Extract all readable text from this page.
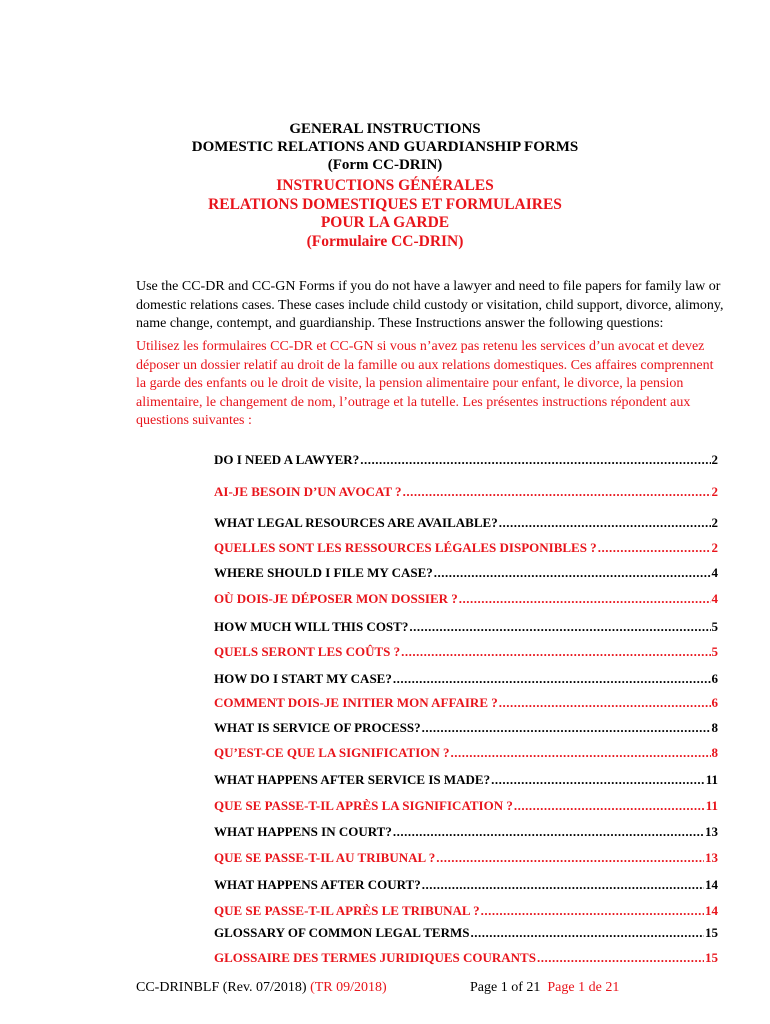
GENERAL INSTRUCTIONS
DOMESTIC RELATIONS AND GUARDIANSHIP FORMS
(Form CC-DRIN)
INSTRUCTIONS GÉNÉRALES
RELATIONS DOMESTIQUES ET FORMULAIRES
POUR LA GARDE
(Formulaire CC-DRIN)

Use the CC-DR and CC-GN Forms if you do not have a lawyer and need to file papers for family law or domestic relations cases. These cases include child custody or visitation, child support, divorce, alimony, name change, contempt, and guardianship. These Instructions answer the following questions:

Utilisez les formulaires CC-DR et CC-GN si vous n’avez pas retenu les services d’un avocat et devez déposer un dossier relatif au droit de la famille ou aux relations domestiques. Ces affaires comprennent la garde des enfants ou le droit de visite, la pension alimentaire pour enfant, le divorce, la pension alimentaire, le changement de nom, l’outrage et la tutelle. Les présentes instructions répondent aux questions suivantes :

DO I NEED A LAWYER? .....	2
AI-JE BESOIN D’UN AVOCAT ? .....	2
WHAT LEGAL RESOURCES ARE AVAILABLE? .....	2
QUELLES SONT LES RESSOURCES LÉGALES DISPONIBLES ? .....	2
WHERE SHOULD I FILE MY CASE? .....	4
OÙ DOIS-JE DÉPOSER MON DOSSIER ? .....	4
HOW MUCH WILL THIS COST? .....	5
QUELS SERONT LES COÛTS ? .....	5
HOW DO I START MY CASE? .....	6
COMMENT DOIS-JE INITIER MON AFFAIRE ? .....	6
WHAT IS SERVICE OF PROCESS? .....	8
QU’EST-CE QUE LA SIGNIFICATION ? .....	8
WHAT HAPPENS AFTER SERVICE IS MADE? .....	11
QUE SE PASSE-T-IL APRÈS LA SIGNIFICATION ? .....	11
WHAT HAPPENS IN COURT? .....	13
QUE SE PASSE-T-IL AU TRIBUNAL ? .....	13
WHAT HAPPENS AFTER COURT? .....	14
QUE SE PASSE-T-IL APRÈS LE TRIBUNAL ? .....	14
GLOSSARY OF COMMON LEGAL TERMS .....	15
GLOSSAIRE DES TERMES JURIDIQUES COURANTS .....	15
CC-DRINBLF (Rev. 07/2018) (TR 09/2018)	Page 1 of 21 Page 1 de 21
